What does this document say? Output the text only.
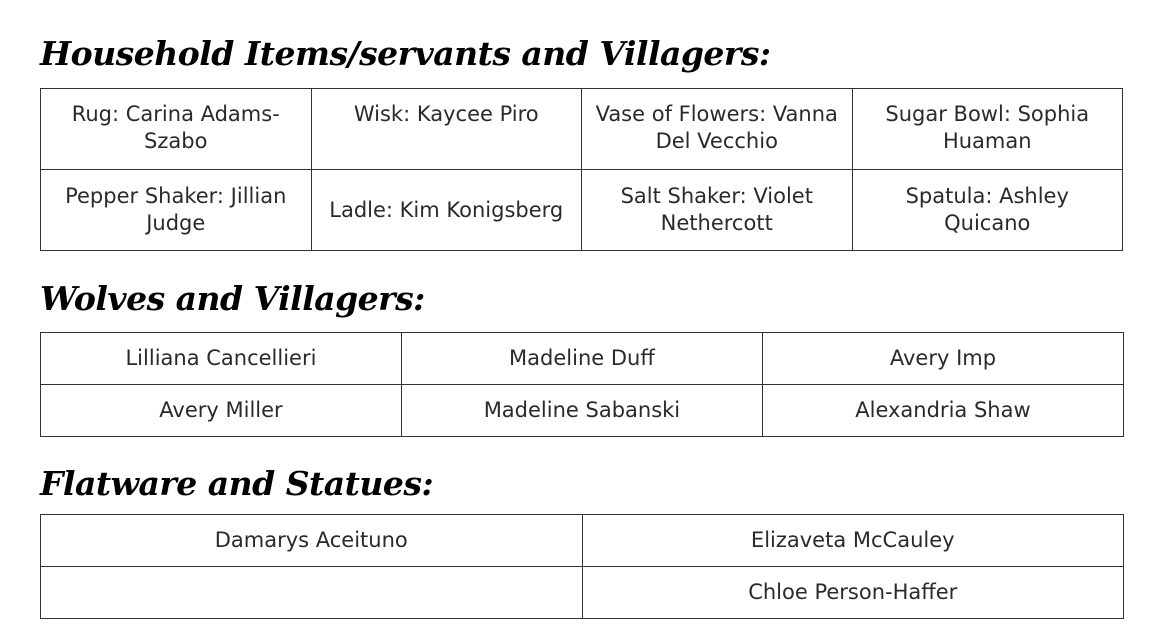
Household Items/servants and Villagers:
Rug: Carina Adams-Szabo	Wisk: Kaycee Piro	Vase of Flowers: Vanna Del Vecchio	Sugar Bowl: Sophia Huaman
Pepper Shaker: Jillian Judge	Ladle: Kim Konigsberg	Salt Shaker: Violet Nethercott	Spatula: Ashley Quicano
Wolves and Villagers:
Lilliana Cancellieri	Madeline Duff	Avery Imp
Avery Miller	Madeline Sabanski	Alexandria Shaw
Flatware and Statues:
Damarys Aceituno	Elizaveta McCauley
	Chloe Person-Haffer
